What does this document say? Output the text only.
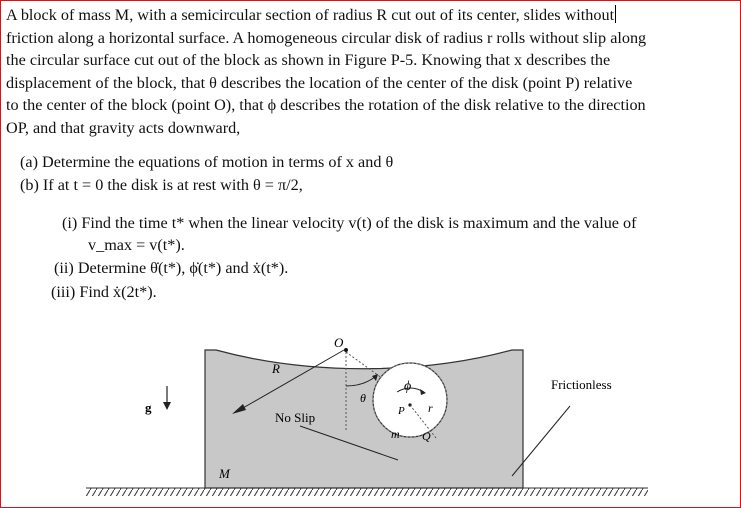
A block of mass M, with a semicircular section of radius R cut out of its center, slides without
friction along a horizontal surface. A homogeneous circular disk of radius r rolls without slip along
the circular surface cut out of the block as shown in Figure P-5. Knowing that x describes the
displacement of the block, that θ describes the location of the center of the disk (point P) relative
to the center of the block (point O), that ϕ describes the rotation of the disk relative to the direction
OP, and that gravity acts downward,
(a) Determine the equations of motion in terms of x and θ
(b) If at t = 0 the disk is at rest with θ = π/2,
(i) Find the time t* when the linear velocity v(t) of the disk is maximum and the value of
v_max = v(t*).
(ii) Determine θ̇(t*), ϕ̇(t*) and ẋ(t*).
(iii) Find ẋ(2t*).
O
R
θ
ϕ
P r
m Q
g
M
No Slip
Frictionless
